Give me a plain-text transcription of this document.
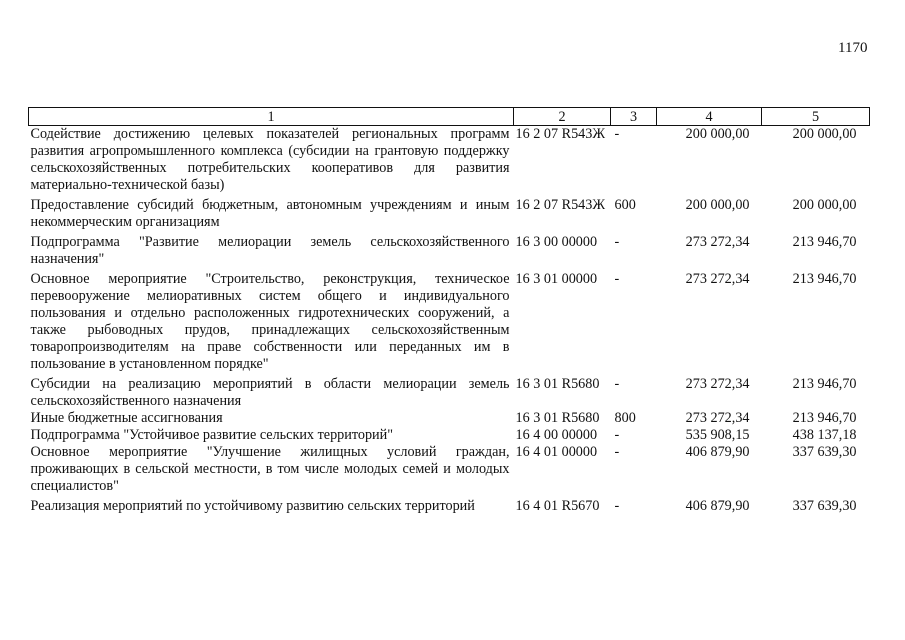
1170
1	2	3	4	5
Содействие достижению целевых показателей региональных программ развития агропромышленного комплекса (субсидии на грантовую поддержку сельскохозяйственных потребительских кооперативов для развития материально-технической базы)	16 2 07 R543Ж	-	200 000,00	200 000,00
Предоставление субсидий бюджетным, автономным учреждениям и иным некоммерческим организациям	16 2 07 R543Ж	600	200 000,00	200 000,00
Подпрограмма "Развитие мелиорации земель сельскохозяйственного назначения"	16 3 00 00000	-	273 272,34	213 946,70
Основное мероприятие "Строительство, реконструкция, техническое перевооружение мелиоративных систем общего и индивидуального пользования и отдельно расположенных гидротехнических сооружений, а также рыбоводных прудов, принадлежащих сельскохозяйственным товаропроизводителям на праве собственности или переданных им в пользование в установленном порядке"	16 3 01 00000	-	273 272,34	213 946,70
Субсидии на реализацию мероприятий в области мелиорации земель сельскохозяйственного назначения	16 3 01 R5680	-	273 272,34	213 946,70
Иные бюджетные ассигнования	16 3 01 R5680	800	273 272,34	213 946,70
Подпрограмма "Устойчивое развитие сельских территорий"	16 4 00 00000	-	535 908,15	438 137,18
Основное мероприятие "Улучшение жилищных условий граждан, проживающих в сельской местности, в том числе молодых семей и молодых специалистов"	16 4 01 00000	-	406 879,90	337 639,30
Реализация мероприятий по устойчивому развитию сельских территорий	16 4 01 R5670	-	406 879,90	337 639,30
